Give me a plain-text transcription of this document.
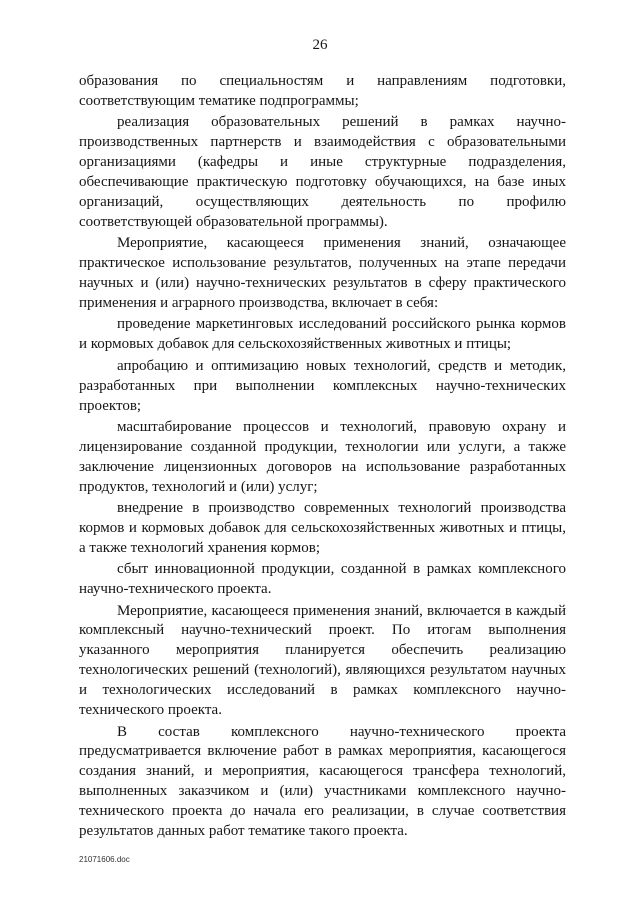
26

образования по специальностям и направлениям подготовки, соответствующим тематике подпрограммы;

реализация образовательных решений в рамках научно-производственных партнерств и взаимодействия с образовательными организациями (кафедры и иные структурные подразделения, обеспечивающие практическую подготовку обучающихся, на базе иных организаций, осуществляющих деятельность по профилю соответствующей образовательной программы).

Мероприятие, касающееся применения знаний, означающее практическое использование результатов, полученных на этапе передачи научных и (или) научно-технических результатов в сферу практического применения и аграрного производства, включает в себя:

проведение маркетинговых исследований российского рынка кормов и кормовых добавок для сельскохозяйственных животных и птицы;

апробацию и оптимизацию новых технологий, средств и методик, разработанных при выполнении комплексных научно-технических проектов;

масштабирование процессов и технологий, правовую охрану и лицензирование созданной продукции, технологии или услуги, а также заключение лицензионных договоров на использование разработанных продуктов, технологий и (или) услуг;

внедрение в производство современных технологий производства кормов и кормовых добавок для сельскохозяйственных животных и птицы, а также технологий хранения кормов;

сбыт инновационной продукции, созданной в рамках комплексного научно-технического проекта.

Мероприятие, касающееся применения знаний, включается в каждый комплексный научно-технический проект. По итогам выполнения указанного мероприятия планируется обеспечить реализацию технологических решений (технологий), являющихся результатом научных и технологических исследований в рамках комплексного научно-технического проекта.

В состав комплексного научно-технического проекта предусматривается включение работ в рамках мероприятия, касающегося создания знаний, и мероприятия, касающегося трансфера технологий, выполненных заказчиком и (или) участниками комплексного научно-технического проекта до начала его реализации, в случае соответствия результатов данных работ тематике такого проекта.

21071606.doc
